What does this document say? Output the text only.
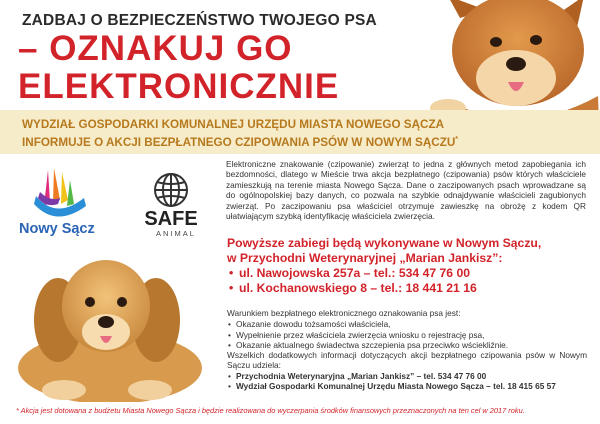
ZADBAJ O BEZPIECZEŃSTWO TWOJEGO PSA
– OZNAKUJ GO
ELEKTRONICZNIE
WYDZIAŁ GOSPODARKI KOMUNALNEJ URZĘDU MIASTA NOWEGO SĄCZA
INFORMUJE O AKCJI BEZPŁATNEGO CZIPOWANIA PSÓW W NOWYM SĄCZU*
Nowy Sącz SAFE
ANIMAL
Elektroniczne znakowanie (czipowanie) zwierząt to jedna z głównych metod zapobiegania ich bezdomności, dlatego w Mieście trwa akcja bezpłatnego (czipowania) psów których właściciele zamieszkują na terenie miasta Nowego Sącza. Dane o zaczipowanych psach wprowadzane są do ogólnopolskiej bazy danych, co pozwala na szybkie odnajdywanie właścicieli zagubionych zwierząt. Po zaczipowaniu psa właściciel otrzymuje zawieszkę na obrożę z kodem QR ułatwiającym szybką identyfikację właściciela zwierzęcia.
Powyższe zabiegi będą wykonywane w Nowym Sączu,
w Przychodni Weterynaryjnej „Marian Jankisz”:
• ul. Nawojowska 257a – tel.: 534 47 76 00
• ul. Kochanowskiego 8 – tel.: 18 441 21 16
Warunkiem bezpłatnego elektronicznego oznakowania psa jest:
• Okazanie dowodu tożsamości właściciela,
• Wypełnienie przez właściciela zwierzęcia wniosku o rejestrację psa,
• Okazanie aktualnego świadectwa szczepienia psa przeciwko wściekliźnie.
Wszelkich dodatkowych informacji dotyczących akcji bezpłatnego czipowania psów w Nowym Sączu udziela:
• Przychodnia Weterynaryjna „Marian Jankisz” – tel. 534 47 76 00
• Wydział Gospodarki Komunalnej Urzędu Miasta Nowego Sącza – tel. 18 415 65 57
* Akcja jest dotowana z budżetu Miasta Nowego Sącza i będzie realizowana do wyczerpania środków finansowych przeznaczonych na ten cel w 2017 roku.
